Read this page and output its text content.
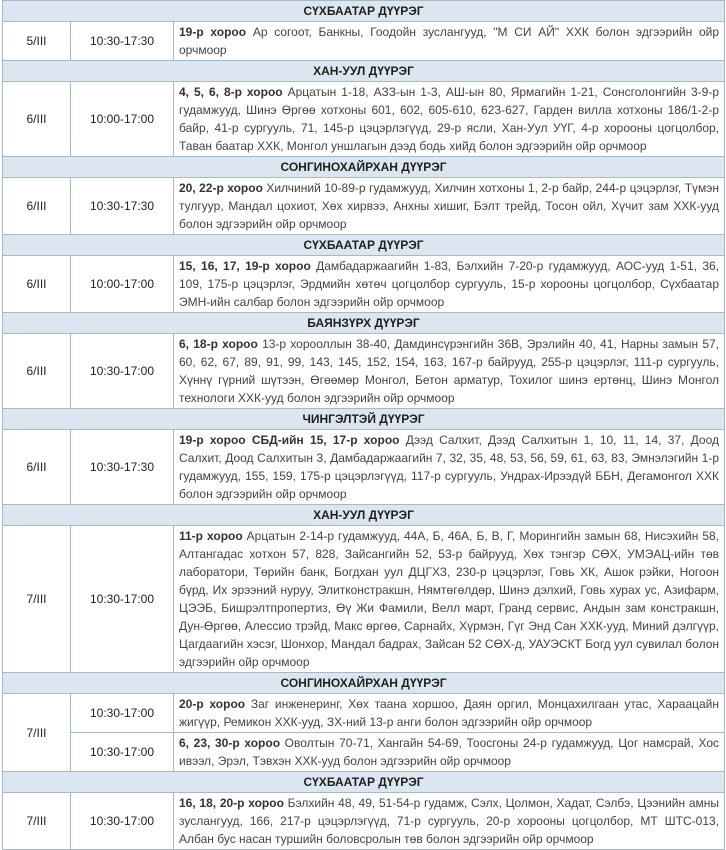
СҮХБААТАР ДҮҮРЭГ		
5/III	10:30-17:30	19-р хороо Ар согоот, Банкны, Гоодойн зуслангууд, "М СИ АЙ" ХХК болон эдгээрийн ойр орчмоор
ХАН-УУЛ ДҮҮРЭГ		
6/III	10:00-17:00	4, 5, 6, 8-р хороо Арцатын 1-18, АЗЗ-ын 1-3, АШ-ын 80, Ярмагийн 1-21, Сонсголонгийн 3-9-р гудамжууд, Шинэ Өргөө хотхоны 601, 602, 605-610, 623-627, Гарден вилла хотхоны 186/1-2-р байр, 41-р сургууль, 71, 145-р цэцэрлэгүүд, 29-р ясли, Хан-Уул УҮГ, 4-р хорооны цогцолбор, Таван баатар ХХК, Монгол уншлагын дээд бодь хийд болон эдгээрийн ойр орчмоор
СОНГИНОХАЙРХАН ДҮҮРЭГ		
6/III	10:30-17:30	20, 22-р хороо Хилчиний 10-89-р гудамжууд, Хилчин хотхоны 1, 2-р байр, 244-р цэцэрлэг, Түмэн тулгуур, Мандал цохиот, Хөх хирвээ, Анхны хишиг, Бэлт трейд, Тосон ойл, Хүчит зам ХХК-ууд болон эдгээрийн ойр орчмоор
СҮХБААТАР ДҮҮРЭГ		
6/III	10:00-17:00	15, 16, 17, 19-р хороо Дамбадаржаагийн 1-83, Бэлхийн 7-20-р гудамжууд, АОС-ууд 1-51, 36, 109, 175-р цэцэрлэг, Эрдмийн хөтөч цогцолбор сургууль, 15-р хорооны цогцолбор, Сүхбаатар ЭМН-ийн салбар болон эдгээрийн ойр орчмоор
БАЯНЗҮРХ ДҮҮРЭГ		
6/III	10:30-17:00	6, 18-р хороо 13-р хорооллын 38-40, Дамдинсүрэнгийн 36В, Эрэлийн 40, 41, Нарны замын 57, 60, 62, 67, 89, 91, 99, 143, 145, 152, 154, 163, 167-р байрууд, 255-р цэцэрлэг, 111-р сургууль, Хүннү гүрний шүтээн, Өгөөмөр Монгол, Бетон арматур, Тохилог шинэ ертөнц, Шинэ Монгол технологи ХХК-ууд болон эдгээрийн ойр орчмоор
ЧИНГЭЛТЭЙ ДҮҮРЭГ		
6/III	10:30-17:30	19-р хороо СБД-ийн 15, 17-р хороо Дээд Салхит, Дээд Салхитын 1, 10, 11, 14, 37, Доод Салхит, Доод Салхитын 3, Дамбадаржаагийн 7, 32, 35, 48, 53, 56, 59, 61, 63, 83, Эмнэлэгийн 1-р гудамжууд, 155, 159, 175-р цэцэрлэгүүд, 117-р сургууль, Ундрах-Ирээдүй ББН, Дегамонгол ХХК болон эдгээрийн ойр орчмоор
ХАН-УУЛ ДҮҮРЭГ		
7/III	10:30-17:00	11-р хороо Арцатын 2-14-р гудамжууд, 44А, Б, 46А, Б, В, Г, Морингийн замын 68, Нисэхийн 58, Алтангадас хотхон 57, 828, Зайсангийн 52, 53-р байрууд, Хөх тэнгэр СӨХ, УМЭАЦ-ийн төв лаборатори, Төрийн банк, Богдхан уул ДЦГХЗ, 230-р цэцэрлэг, Говь ХК, Ашок рэйки, Ногоон бүрд, Их эрээний нуруу, Элитконстракшн, Нямтөгөлдөр, Шинэ дэлхий, Говь хурах ус, Азифарм, ЦЭЭБ, Бишрэлтпропертиз, Өү Жи Фамили, Велл март, Гранд сервис, Андын зам констракшн, Дун-Өргөө, Алессио трэйд, Макс өргөө, Сарнайх, Хүрмэн, Гүг Энд Сан ХХК-ууд, Миний дэлгүүр, Цагдаагийн хэсэг, Шонхор, Мандал бадрах, Зайсан 52 СӨХ-д, УАУЭСКТ Богд уул сувилал болон эдгээрийн ойр орчмоор
СОНГИНОХАЙРХАН ДҮҮРЭГ		
7/III	10:30-17:00	20-р хороо Заг инженеринг, Хөх таана хоршоо, Даян оргил, Монцахилгаан утас, Хараацайн жигүүр, Ремикон ХХК-ууд, ЗХ-ний 13-р анги болон эдгээрийн ойр орчмоор
	10:30-17:00	6, 23, 30-р хороо Оволтын 70-71, Хангайн 54-69, Тоосгоны 24-р гудамжууд, Цог намсрай, Хос ивээл, Эрэл, Тэвхэн ХХК-ууд болон эдгээрийн ойр орчмоор
СҮХБААТАР ДҮҮРЭГ		
7/III	10:30-17:00	16, 18, 20-р хороо Бэлхийн 48, 49, 51-54-р гудамж, Сэлх, Цолмон, Хадат, Сэлбэ, Цээнийн амны зуслангууд, 166, 217-р цэцэрлэгүүд, 71-р сургууль, 20-р хорооны цогцолбор, МТ ШТС-013, Албан бус насан туршийн боловсролын төв болон эдгээрийн ойр орчмоор
